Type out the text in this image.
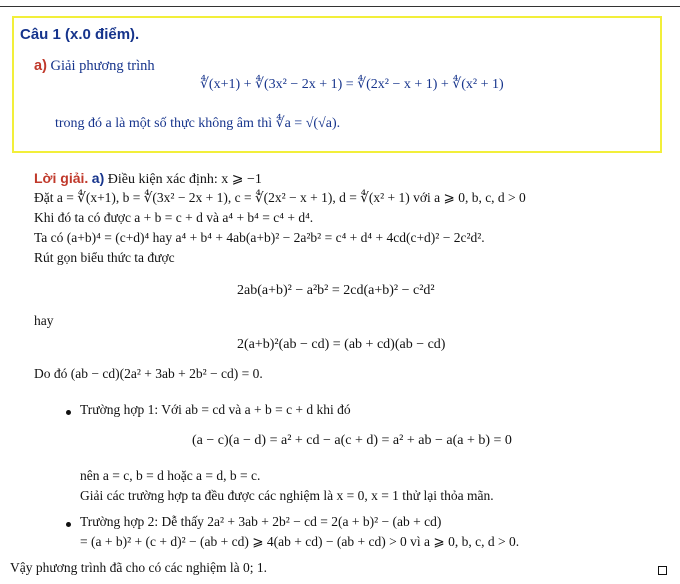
Câu 1 (x.0 điểm).
a) Giải phương trình
∜(x+1) + ∜(3x² − 2x + 1) = ∜(2x² − x + 1) + ∜(x² + 1)
trong đó a là một số thực không âm thì ∜a = √(√a).
Lời giải. a) Điều kiện xác định: x ⩾ −1
Đặt a = ∜(x+1), b = ∜(3x² − 2x + 1), c = ∜(2x² − x + 1), d = ∜(x² + 1) với a ⩾ 0, b, c, d > 0
Khi đó ta có được a + b = c + d và a⁴ + b⁴ = c⁴ + d⁴.
Ta có (a+b)⁴ = (c+d)⁴ hay a⁴ + b⁴ + 4ab(a+b)² − 2a²b² = c⁴ + d⁴ + 4cd(c+d)² − 2c²d².
Rút gọn biểu thức ta được
2ab(a+b)² − a²b² = 2cd(a+b)² − c²d²
hay
2(a+b)²(ab − cd) = (ab + cd)(ab − cd)
Do đó (ab − cd)(2a² + 3ab + 2b² − cd) = 0.
Trường hợp 1: Với ab = cd và a + b = c + d khi đó
(a − c)(a − d) = a² + cd − a(c + d) = a² + ab − a(a + b) = 0
nên a = c, b = d hoặc a = d, b = c.
Giải các trường hợp ta đều được các nghiệm là x = 0, x = 1 thử lại thỏa mãn.
Trường hợp 2: Dễ thấy 2a² + 3ab + 2b² − cd = 2(a + b)² − (ab + cd)
= (a + b)² + (c + d)² − (ab + cd) ⩾ 4(ab + cd) − (ab + cd) > 0 vì a ⩾ 0, b, c, d > 0.
Vậy phương trình đã cho có các nghiệm là 0; 1.
